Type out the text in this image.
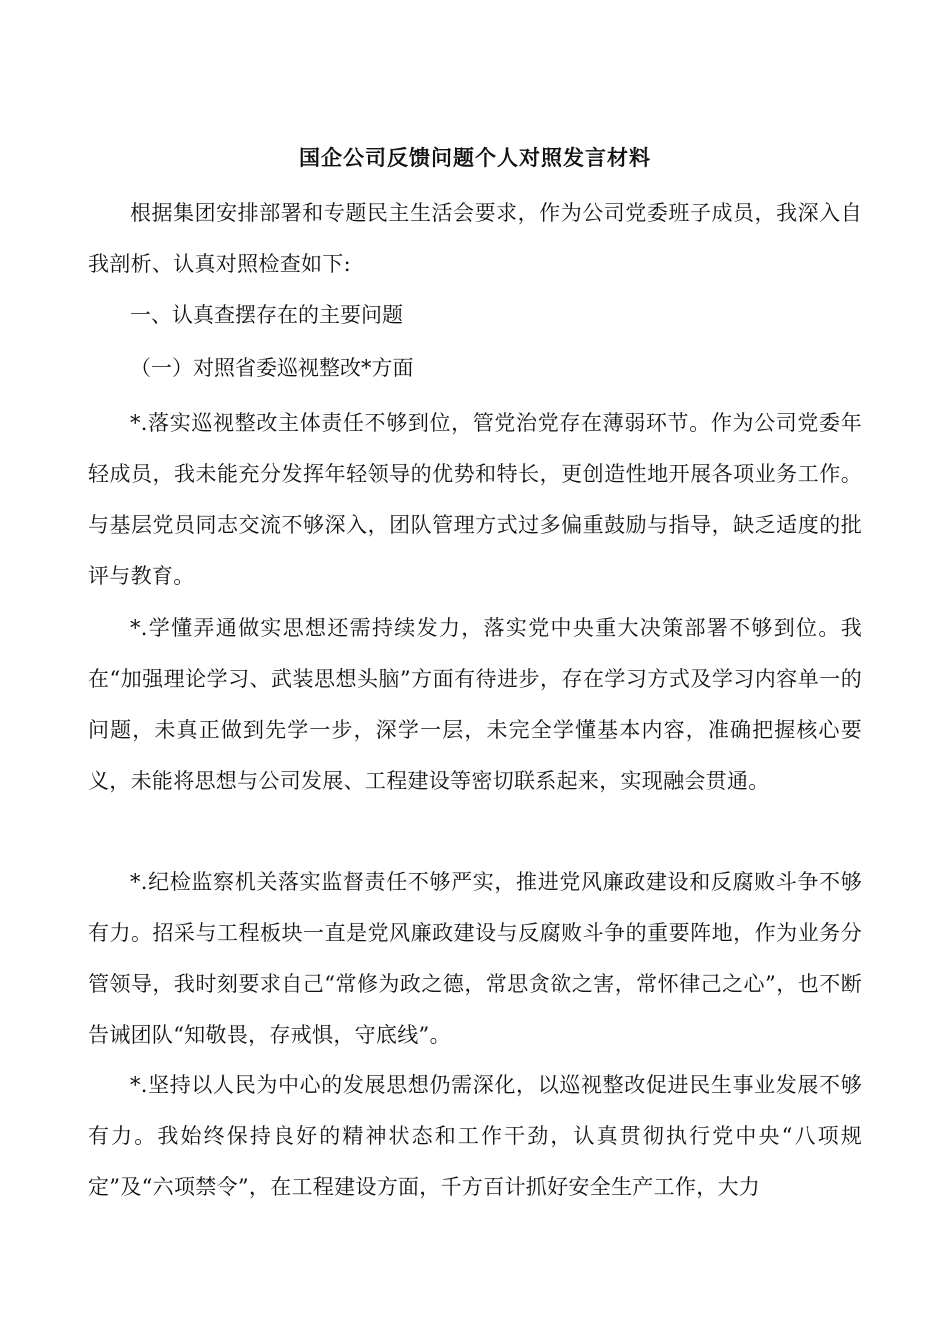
国企公司反馈问题个人对照发言材料

根据集团安排部署和专题民主生活会要求，作为公司党委班子成员，我深入自我剖析、认真对照检查如下:

一、认真查摆存在的主要问题

（一）对照省委巡视整改*方面

*.落实巡视整改主体责任不够到位，管党治党存在薄弱环节。作为公司党委年轻成员，我未能充分发挥年轻领导的优势和特长，更创造性地开展各项业务工作。与基层党员同志交流不够深入，团队管理方式过多偏重鼓励与指导，缺乏适度的批评与教育。

*.学懂弄通做实思想还需持续发力，落实党中央重大决策部署不够到位。我在“加强理论学习、武装思想头脑”方面有待进步，存在学习方式及学习内容单一的问题，未真正做到先学一步，深学一层，未完全学懂基本内容，准确把握核心要义，未能将思想与公司发展、工程建设等密切联系起来，实现融会贯通。

*.纪检监察机关落实监督责任不够严实，推进党风廉政建设和反腐败斗争不够有力。招采与工程板块一直是党风廉政建设与反腐败斗争的重要阵地，作为业务分管领导，我时刻要求自己“常修为政之德，常思贪欲之害，常怀律己之心”，也不断告诫团队“知敬畏，存戒惧，守底线”。

*.坚持以人民为中心的发展思想仍需深化，以巡视整改促进民生事业发展不够有力。我始终保持良好的精神状态和工作干劲，认真贯彻执行党中央“八项规定”及“六项禁令”，在工程建设方面，千方百计抓好安全生产工作，大力
